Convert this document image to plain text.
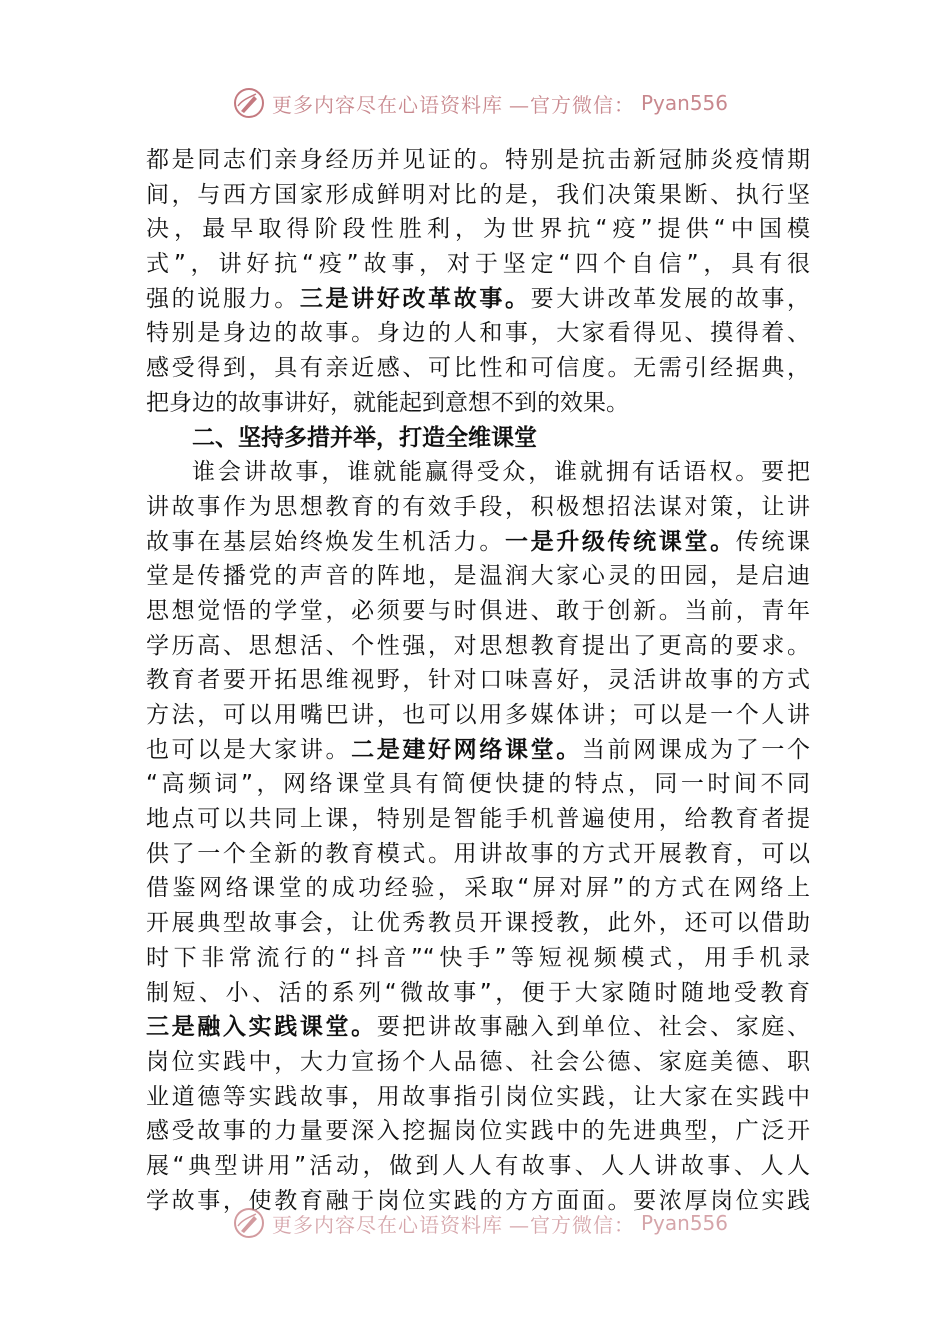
更多内容尽在心语资料库 —官方微信： Pyan556
都是同志们亲身经历并见证的。特别是抗击新冠肺炎疫情期
间，与西方国家形成鲜明对比的是，我们决策果断、执行坚
决，最早取得阶段性胜利，为世界抗“疫”提供“中国模
式”，讲好抗“疫”故事，对于坚定“四个自信”，具有很
强的说服力。三是讲好改革故事。要大讲改革发展的故事，
特别是身边的故事。身边的人和事，大家看得见、摸得着、
感受得到，具有亲近感、可比性和可信度。无需引经据典，
把身边的故事讲好，就能起到意想不到的效果。
二、坚持多措并举，打造全维课堂
谁会讲故事，谁就能赢得受众，谁就拥有话语权。要把
讲故事作为思想教育的有效手段，积极想招法谋对策，让讲
故事在基层始终焕发生机活力。一是升级传统课堂。传统课
堂是传播党的声音的阵地，是温润大家心灵的田园，是启迪
思想觉悟的学堂，必须要与时俱进、敢于创新。当前，青年
学历高、思想活、个性强，对思想教育提出了更高的要求。
教育者要开拓思维视野，针对口味喜好，灵活讲故事的方式
方法，可以用嘴巴讲，也可以用多媒体讲；可以是一个人讲
也可以是大家讲。二是建好网络课堂。当前网课成为了一个
“高频词”，网络课堂具有简便快捷的特点，同一时间不同
地点可以共同上课，特别是智能手机普遍使用，给教育者提
供了一个全新的教育模式。用讲故事的方式开展教育，可以
借鉴网络课堂的成功经验，采取“屏对屏”的方式在网络上
开展典型故事会，让优秀教员开课授教，此外，还可以借助
时下非常流行的“抖音”“快手”等短视频模式，用手机录
制短、小、活的系列“微故事”，便于大家随时随地受教育
三是融入实践课堂。要把讲故事融入到单位、社会、家庭、
岗位实践中，大力宣扬个人品德、社会公德、家庭美德、职
业道德等实践故事，用故事指引岗位实践，让大家在实践中
感受故事的力量要深入挖掘岗位实践中的先进典型，广泛开
展“典型讲用”活动，做到人人有故事、人人讲故事、人人
学故事，使教育融于岗位实践的方方面面。要浓厚岗位实践
更多内容尽在心语资料库 —官方微信： Pyan556
